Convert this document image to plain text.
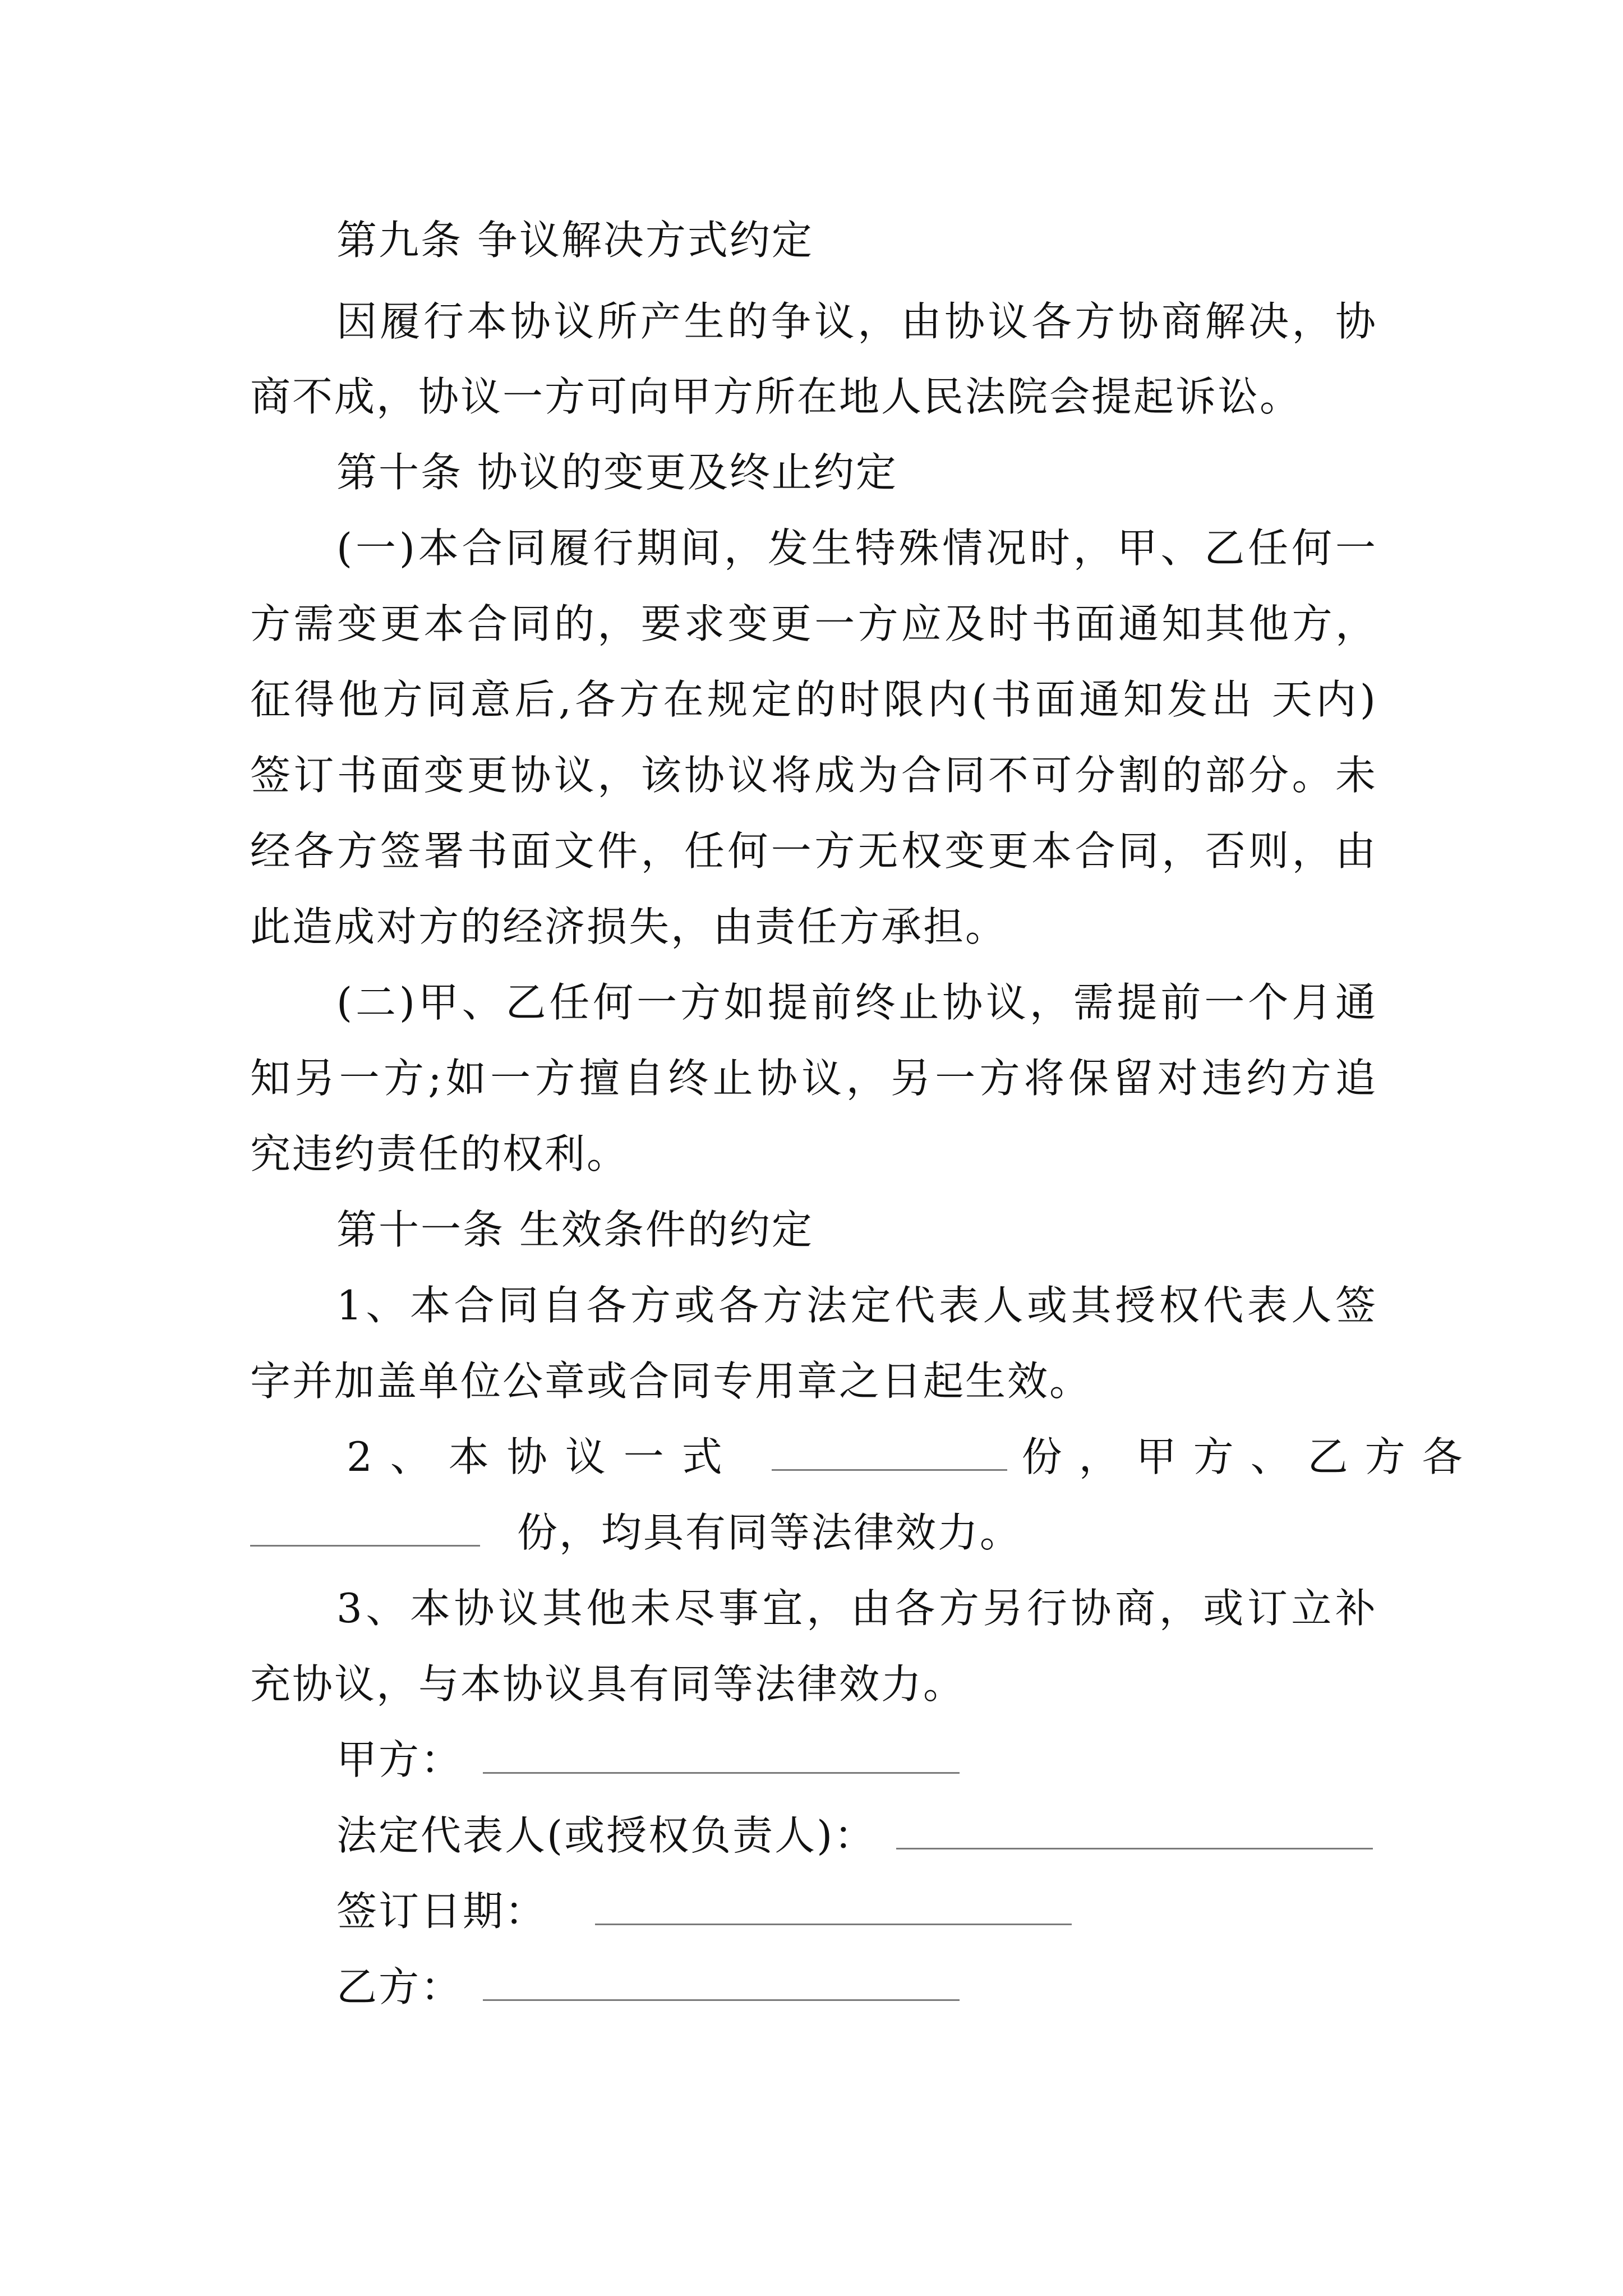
第九条 争议解决方式约定
因履行本协议所产生的争议，由协议各方协商解决，协
商不成，协议一方可向甲方所在地人民法院会提起诉讼。
第十条 协议的变更及终止约定
(一)本合同履行期间，发生特殊情况时，甲、乙任何一
方需变更本合同的，要求变更一方应及时书面通知其他方，
征得他方同意后,各方在规定的时限内(书面通知发出 天内)
签订书面变更协议，该协议将成为合同不可分割的部分。未
经各方签署书面文件，任何一方无权变更本合同，否则，由
此造成对方的经济损失，由责任方承担。
(二)甲、乙任何一方如提前终止协议，需提前一个月通
知另一方;如一方擅自终止协议，另一方将保留对违约方追
究违约责任的权利。
第十一条 生效条件的约定
1、本合同自各方或各方法定代表人或其授权代表人签
字并加盖单位公章或合同专用章之日起生效。
2、本协议一式	份，甲方、乙方各
份，均具有同等法律效力。
3、本协议其他未尽事宜，由各方另行协商，或订立补
充协议，与本协议具有同等法律效力。
甲方：
法定代表人(或授权负责人)：
签订日期：
乙方：
